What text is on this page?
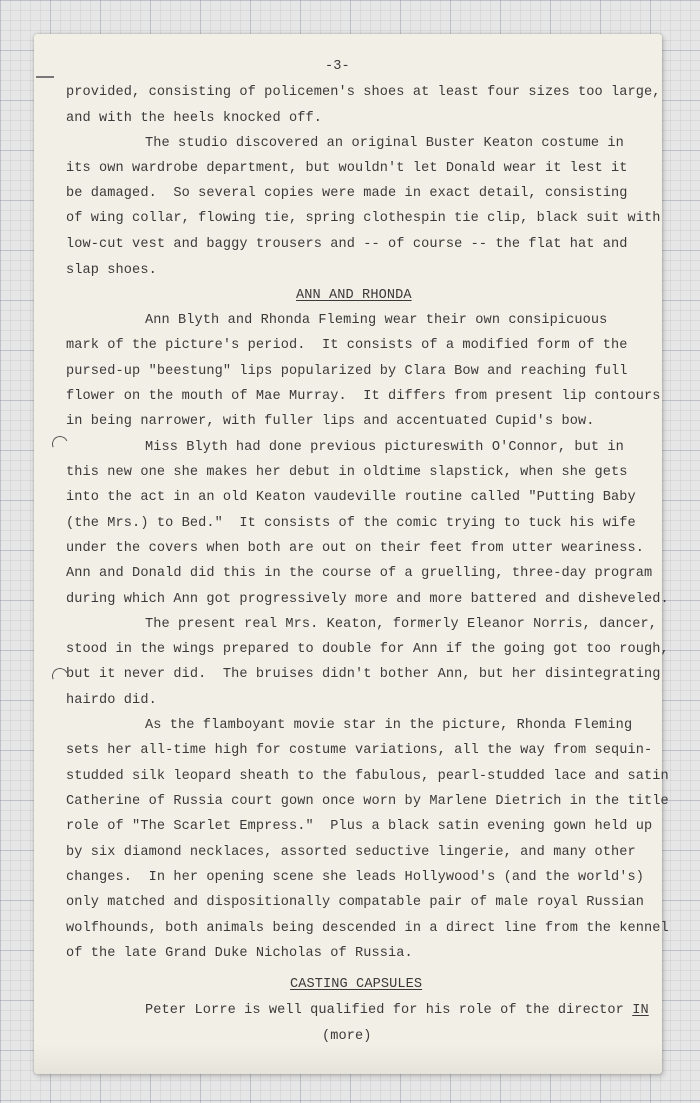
-3-
provided, consisting of policemen's shoes at least four sizes too large,
and with the heels knocked off.
The studio discovered an original Buster Keaton costume in
its own wardrobe department, but wouldn't let Donald wear it lest it
be damaged.  So several copies were made in exact detail, consisting
of wing collar, flowing tie, spring clothespin tie clip, black suit with
low-cut vest and baggy trousers and -- of course -- the flat hat and
slap shoes.
ANN AND RHONDA
Ann Blyth and Rhonda Fleming wear their own consipicuous
mark of the picture's period.  It consists of a modified form of the
pursed-up "beestung" lips popularized by Clara Bow and reaching full
flower on the mouth of Mae Murray.  It differs from present lip contours
in being narrower, with fuller lips and accentuated Cupid's bow.
Miss Blyth had done previous pictureswith O'Connor, but in
this new one she makes her debut in oldtime slapstick, when she gets
into the act in an old Keaton vaudeville routine called "Putting Baby
(the Mrs.) to Bed."  It consists of the comic trying to tuck his wife
under the covers when both are out on their feet from utter weariness.
Ann and Donald did this in the course of a gruelling, three-day program
during which Ann got progressively more and more battered and disheveled.
The present real Mrs. Keaton, formerly Eleanor Norris, dancer,
stood in the wings prepared to double for Ann if the going got too rough,
but it never did.  The bruises didn't bother Ann, but her disintegrating
hairdo did.
As the flamboyant movie star in the picture, Rhonda Fleming
sets her all-time high for costume variations, all the way from sequin-
studded silk leopard sheath to the fabulous, pearl-studded lace and satin
Catherine of Russia court gown once worn by Marlene Dietrich in the title
role of "The Scarlet Empress."  Plus a black satin evening gown held up
by six diamond necklaces, assorted seductive lingerie, and many other
changes.  In her opening scene she leads Hollywood's (and the world's)
only matched and dispositionally compatable pair of male royal Russian
wolfhounds, both animals being descended in a direct line from the kennel
of the late Grand Duke Nicholas of Russia.
CASTING CAPSULES
Peter Lorre is well qualified for his role of the director IN
(more)
